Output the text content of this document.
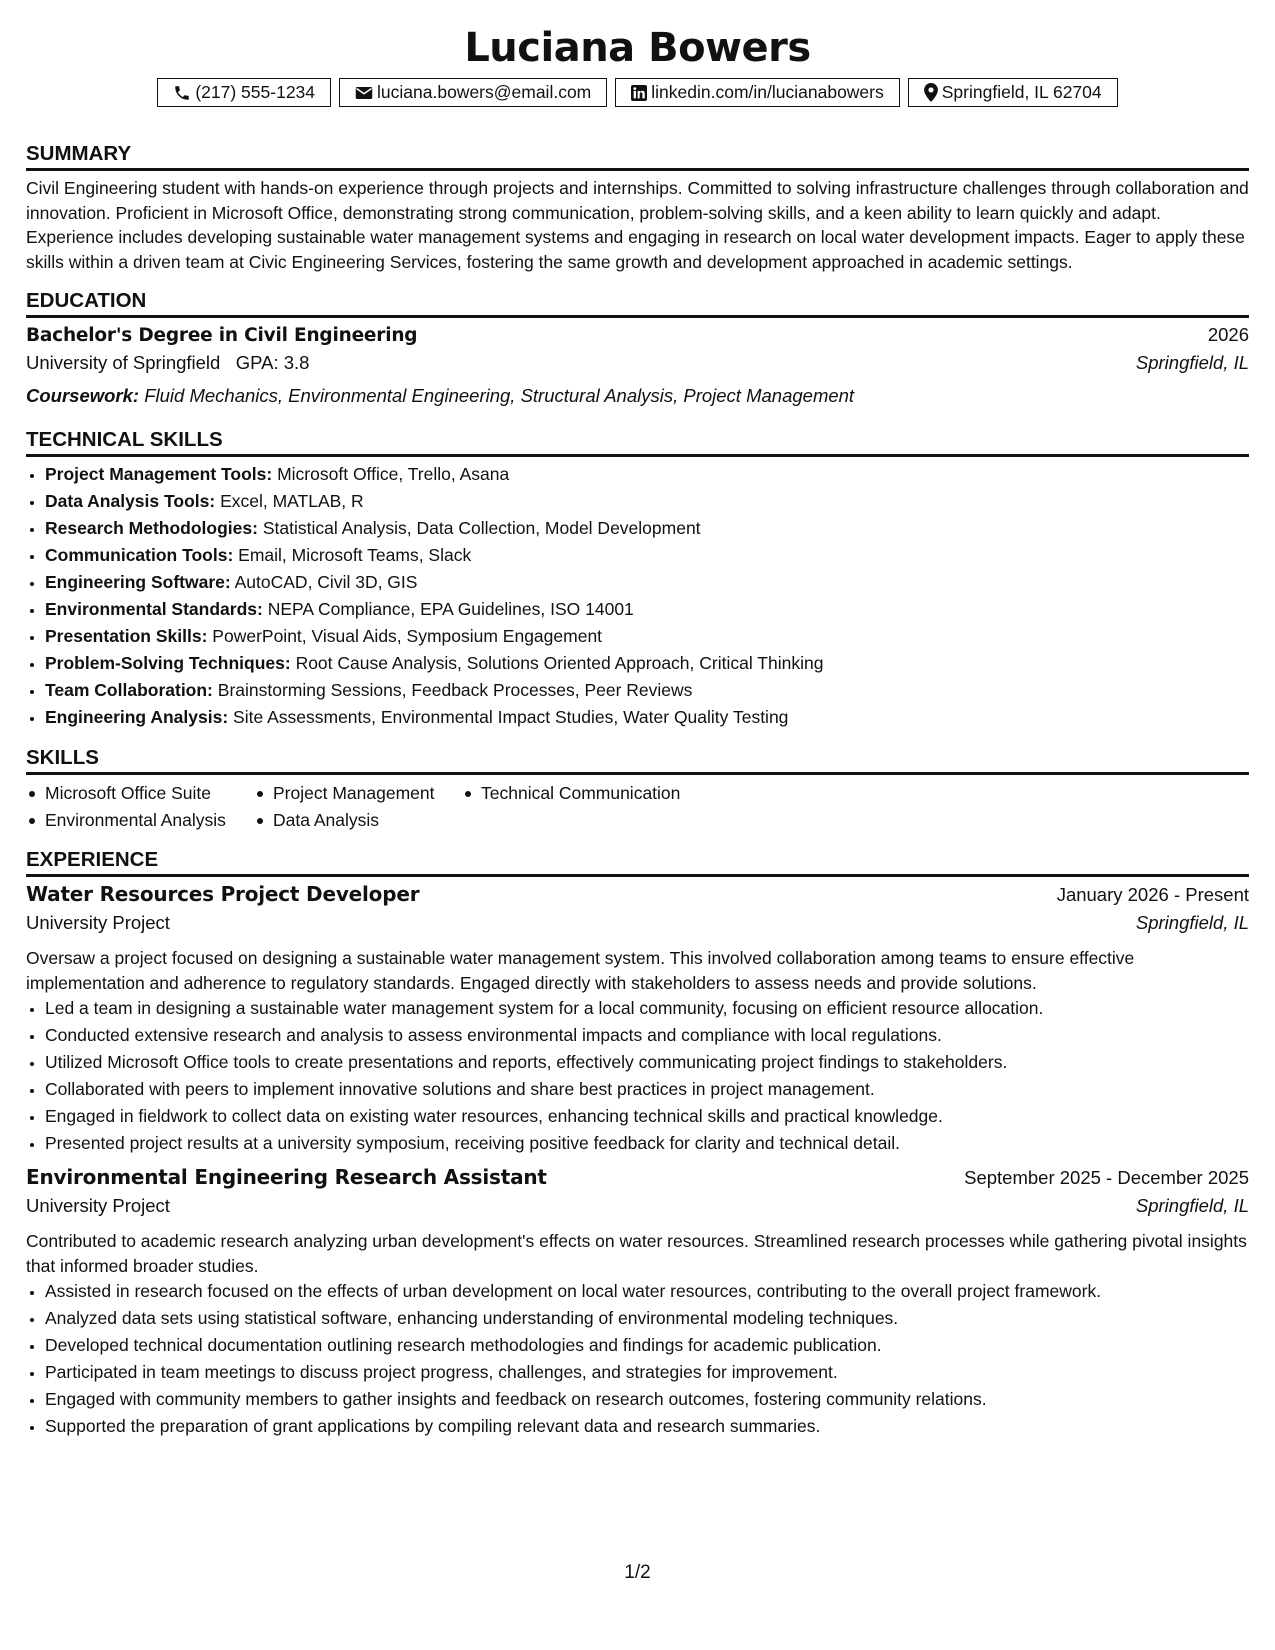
Luciana Bowers
(217) 555-1234	luciana.bowers@email.com	linkedin.com/in/lucianabowers	Springfield, IL 62704
SUMMARY
Civil Engineering student with hands-on experience through projects and internships. Committed to solving infrastructure challenges through collaboration and innovation. Proficient in Microsoft Office, demonstrating strong communication, problem-solving skills, and a keen ability to learn quickly and adapt. Experience includes developing sustainable water management systems and engaging in research on local water development impacts. Eager to apply these skills within a driven team at Civic Engineering Services, fostering the same growth and development approached in academic settings.
EDUCATION
Bachelor's Degree in Civil Engineering	2026
University of Springfield GPA: 3.8	Springfield, IL
Coursework: Fluid Mechanics, Environmental Engineering, Structural Analysis, Project Management
TECHNICAL SKILLS
• Project Management Tools: Microsoft Office, Trello, Asana
• Data Analysis Tools: Excel, MATLAB, R
• Research Methodologies: Statistical Analysis, Data Collection, Model Development
• Communication Tools: Email, Microsoft Teams, Slack
• Engineering Software: AutoCAD, Civil 3D, GIS
• Environmental Standards: NEPA Compliance, EPA Guidelines, ISO 14001
• Presentation Skills: PowerPoint, Visual Aids, Symposium Engagement
• Problem-Solving Techniques: Root Cause Analysis, Solutions Oriented Approach, Critical Thinking
• Team Collaboration: Brainstorming Sessions, Feedback Processes, Peer Reviews
• Engineering Analysis: Site Assessments, Environmental Impact Studies, Water Quality Testing
SKILLS
Microsoft Office Suite	Project Management	Technical Communication
Environmental Analysis	Data Analysis
EXPERIENCE
Water Resources Project Developer	January 2026 - Present
University Project	Springfield, IL
Oversaw a project focused on designing a sustainable water management system. This involved collaboration among teams to ensure effective implementation and adherence to regulatory standards. Engaged directly with stakeholders to assess needs and provide solutions.
• Led a team in designing a sustainable water management system for a local community, focusing on efficient resource allocation.
• Conducted extensive research and analysis to assess environmental impacts and compliance with local regulations.
• Utilized Microsoft Office tools to create presentations and reports, effectively communicating project findings to stakeholders.
• Collaborated with peers to implement innovative solutions and share best practices in project management.
• Engaged in fieldwork to collect data on existing water resources, enhancing technical skills and practical knowledge.
• Presented project results at a university symposium, receiving positive feedback for clarity and technical detail.
Environmental Engineering Research Assistant	September 2025 - December 2025
University Project	Springfield, IL
Contributed to academic research analyzing urban development's effects on water resources. Streamlined research processes while gathering pivotal insights that informed broader studies.
• Assisted in research focused on the effects of urban development on local water resources, contributing to the overall project framework.
• Analyzed data sets using statistical software, enhancing understanding of environmental modeling techniques.
• Developed technical documentation outlining research methodologies and findings for academic publication.
• Participated in team meetings to discuss project progress, challenges, and strategies for improvement.
• Engaged with community members to gather insights and feedback on research outcomes, fostering community relations.
• Supported the preparation of grant applications by compiling relevant data and research summaries.
1/2
